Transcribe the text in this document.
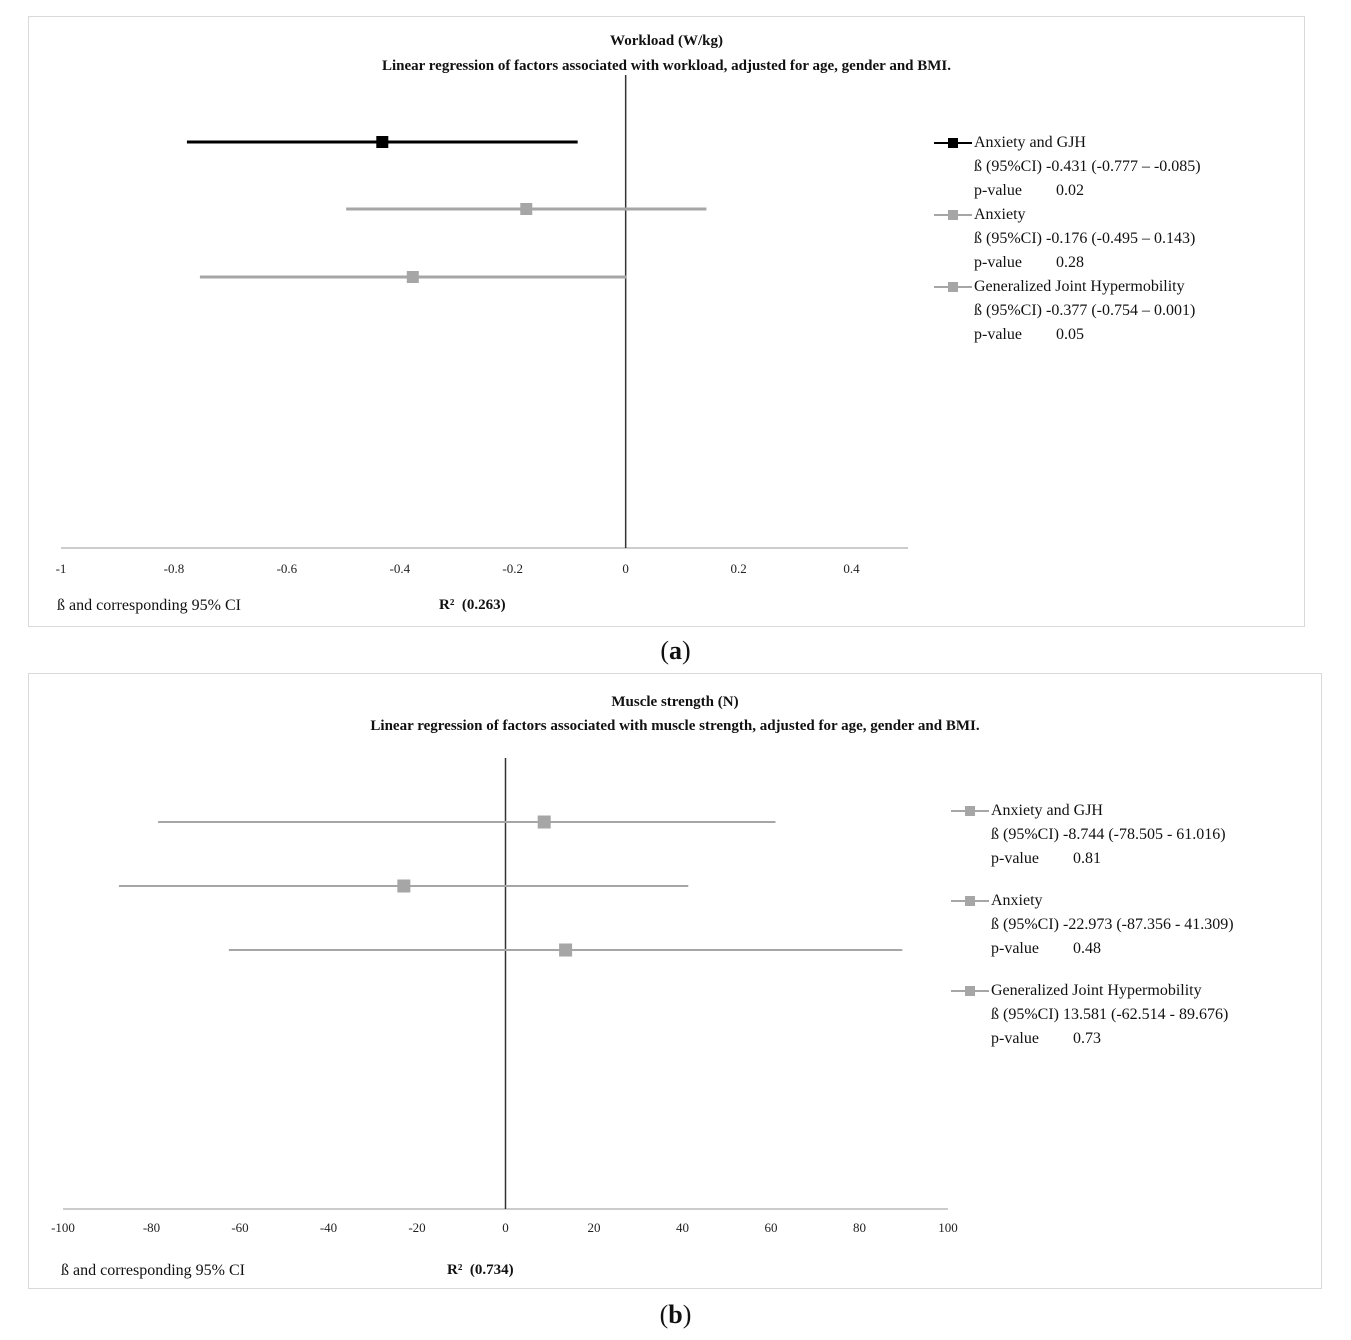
Workload (W/kg)
Linear regression of factors associated with workload, adjusted for age, gender and BMI.
-1	-0.8	-0.6	-0.4	-0.2	0	0.2	0.4
Anxiety and GJH
ß (95%CI) -0.431 (-0.777 – -0.085)
p-value 0.02
Anxiety
ß (95%CI) -0.176 (-0.495 – 0.143)
p-value 0.28
Generalized Joint Hypermobility
ß (95%CI) -0.377 (-0.754 – 0.001)
p-value 0.05
ß and corresponding 95% CI	R² (0.263)
(a)
Muscle strength (N)
Linear regression of factors associated with muscle strength, adjusted for age, gender and BMI.
-100	-80	-60	-40	-20	0	20	40	60	80	100
Anxiety and GJH
ß (95%CI) -8.744 (-78.505 - 61.016)
p-value 0.81
Anxiety
ß (95%CI) -22.973 (-87.356 - 41.309)
p-value 0.48
Generalized Joint Hypermobility
ß (95%CI) 13.581 (-62.514 - 89.676)
p-value 0.73
ß and corresponding 95% CI	R² (0.734)
(b)
